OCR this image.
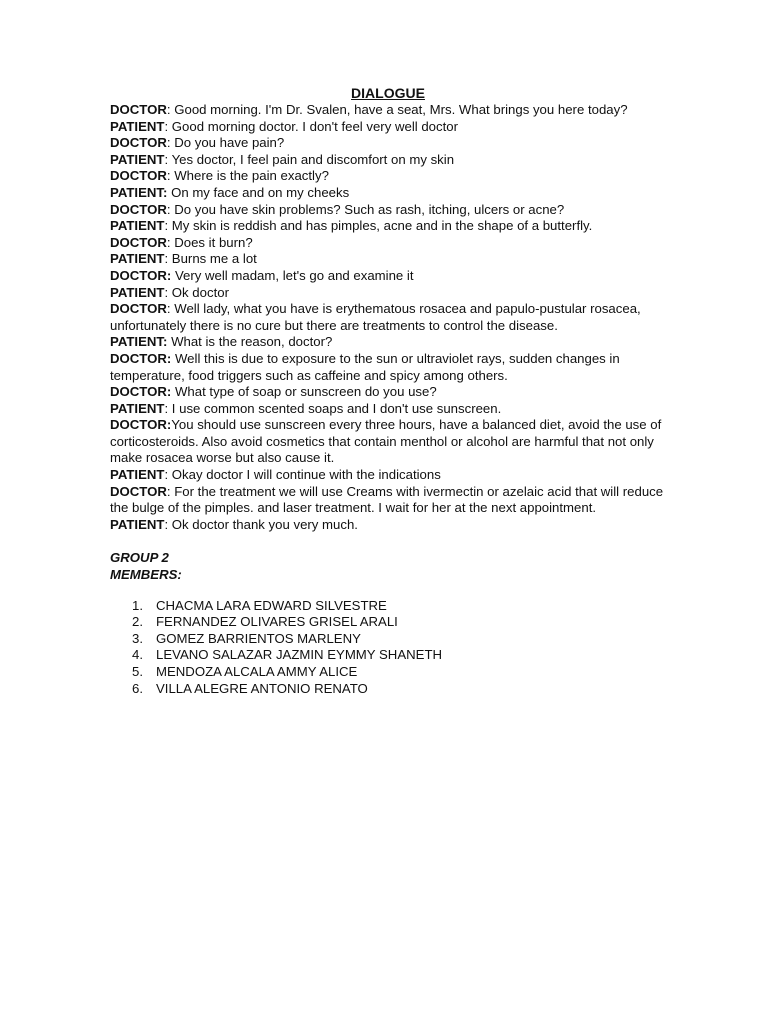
DIALOGUE

DOCTOR: Good morning. I'm Dr. Svalen, have a seat, Mrs. What brings you here today?

PATIENT: Good morning doctor. I don't feel very well doctor

DOCTOR: Do you have pain?

PATIENT: Yes doctor, I feel pain and discomfort on my skin

DOCTOR: Where is the pain exactly?

PATIENT: On my face and on my cheeks

DOCTOR: Do you have skin problems? Such as rash, itching, ulcers or acne?

PATIENT: My skin is reddish and has pimples, acne and in the shape of a butterfly.

DOCTOR: Does it burn?

PATIENT: Burns me a lot

DOCTOR: Very well madam, let's go and examine it

PATIENT: Ok doctor

DOCTOR: Well lady, what you have is erythematous rosacea and papulo-pustular rosacea, unfortunately there is no cure but there are treatments to control the disease.

PATIENT: What is the reason, doctor?

DOCTOR: Well this is due to exposure to the sun or ultraviolet rays, sudden changes in temperature, food triggers such as caffeine and spicy among others.

DOCTOR: What type of soap or sunscreen do you use?

PATIENT: I use common scented soaps and I don't use sunscreen.

DOCTOR:You should use sunscreen every three hours, have a balanced diet, avoid the use of corticosteroids. Also avoid cosmetics that contain menthol or alcohol are harmful that not only make rosacea worse but also cause it.

PATIENT: Okay doctor I will continue with the indications

DOCTOR: For the treatment we will use Creams with ivermectin or azelaic acid that will reduce the bulge of the pimples. and laser treatment. I wait for her at the next appointment.

PATIENT: Ok doctor thank you very much.

GROUP 2
MEMBERS:
1. CHACMA LARA EDWARD SILVESTRE
2. FERNANDEZ OLIVARES GRISEL ARALI
3. GOMEZ BARRIENTOS MARLENY
4. LEVANO SALAZAR JAZMIN EYMMY SHANETH
5. MENDOZA ALCALA AMMY ALICE
6. VILLA ALEGRE ANTONIO RENATO
